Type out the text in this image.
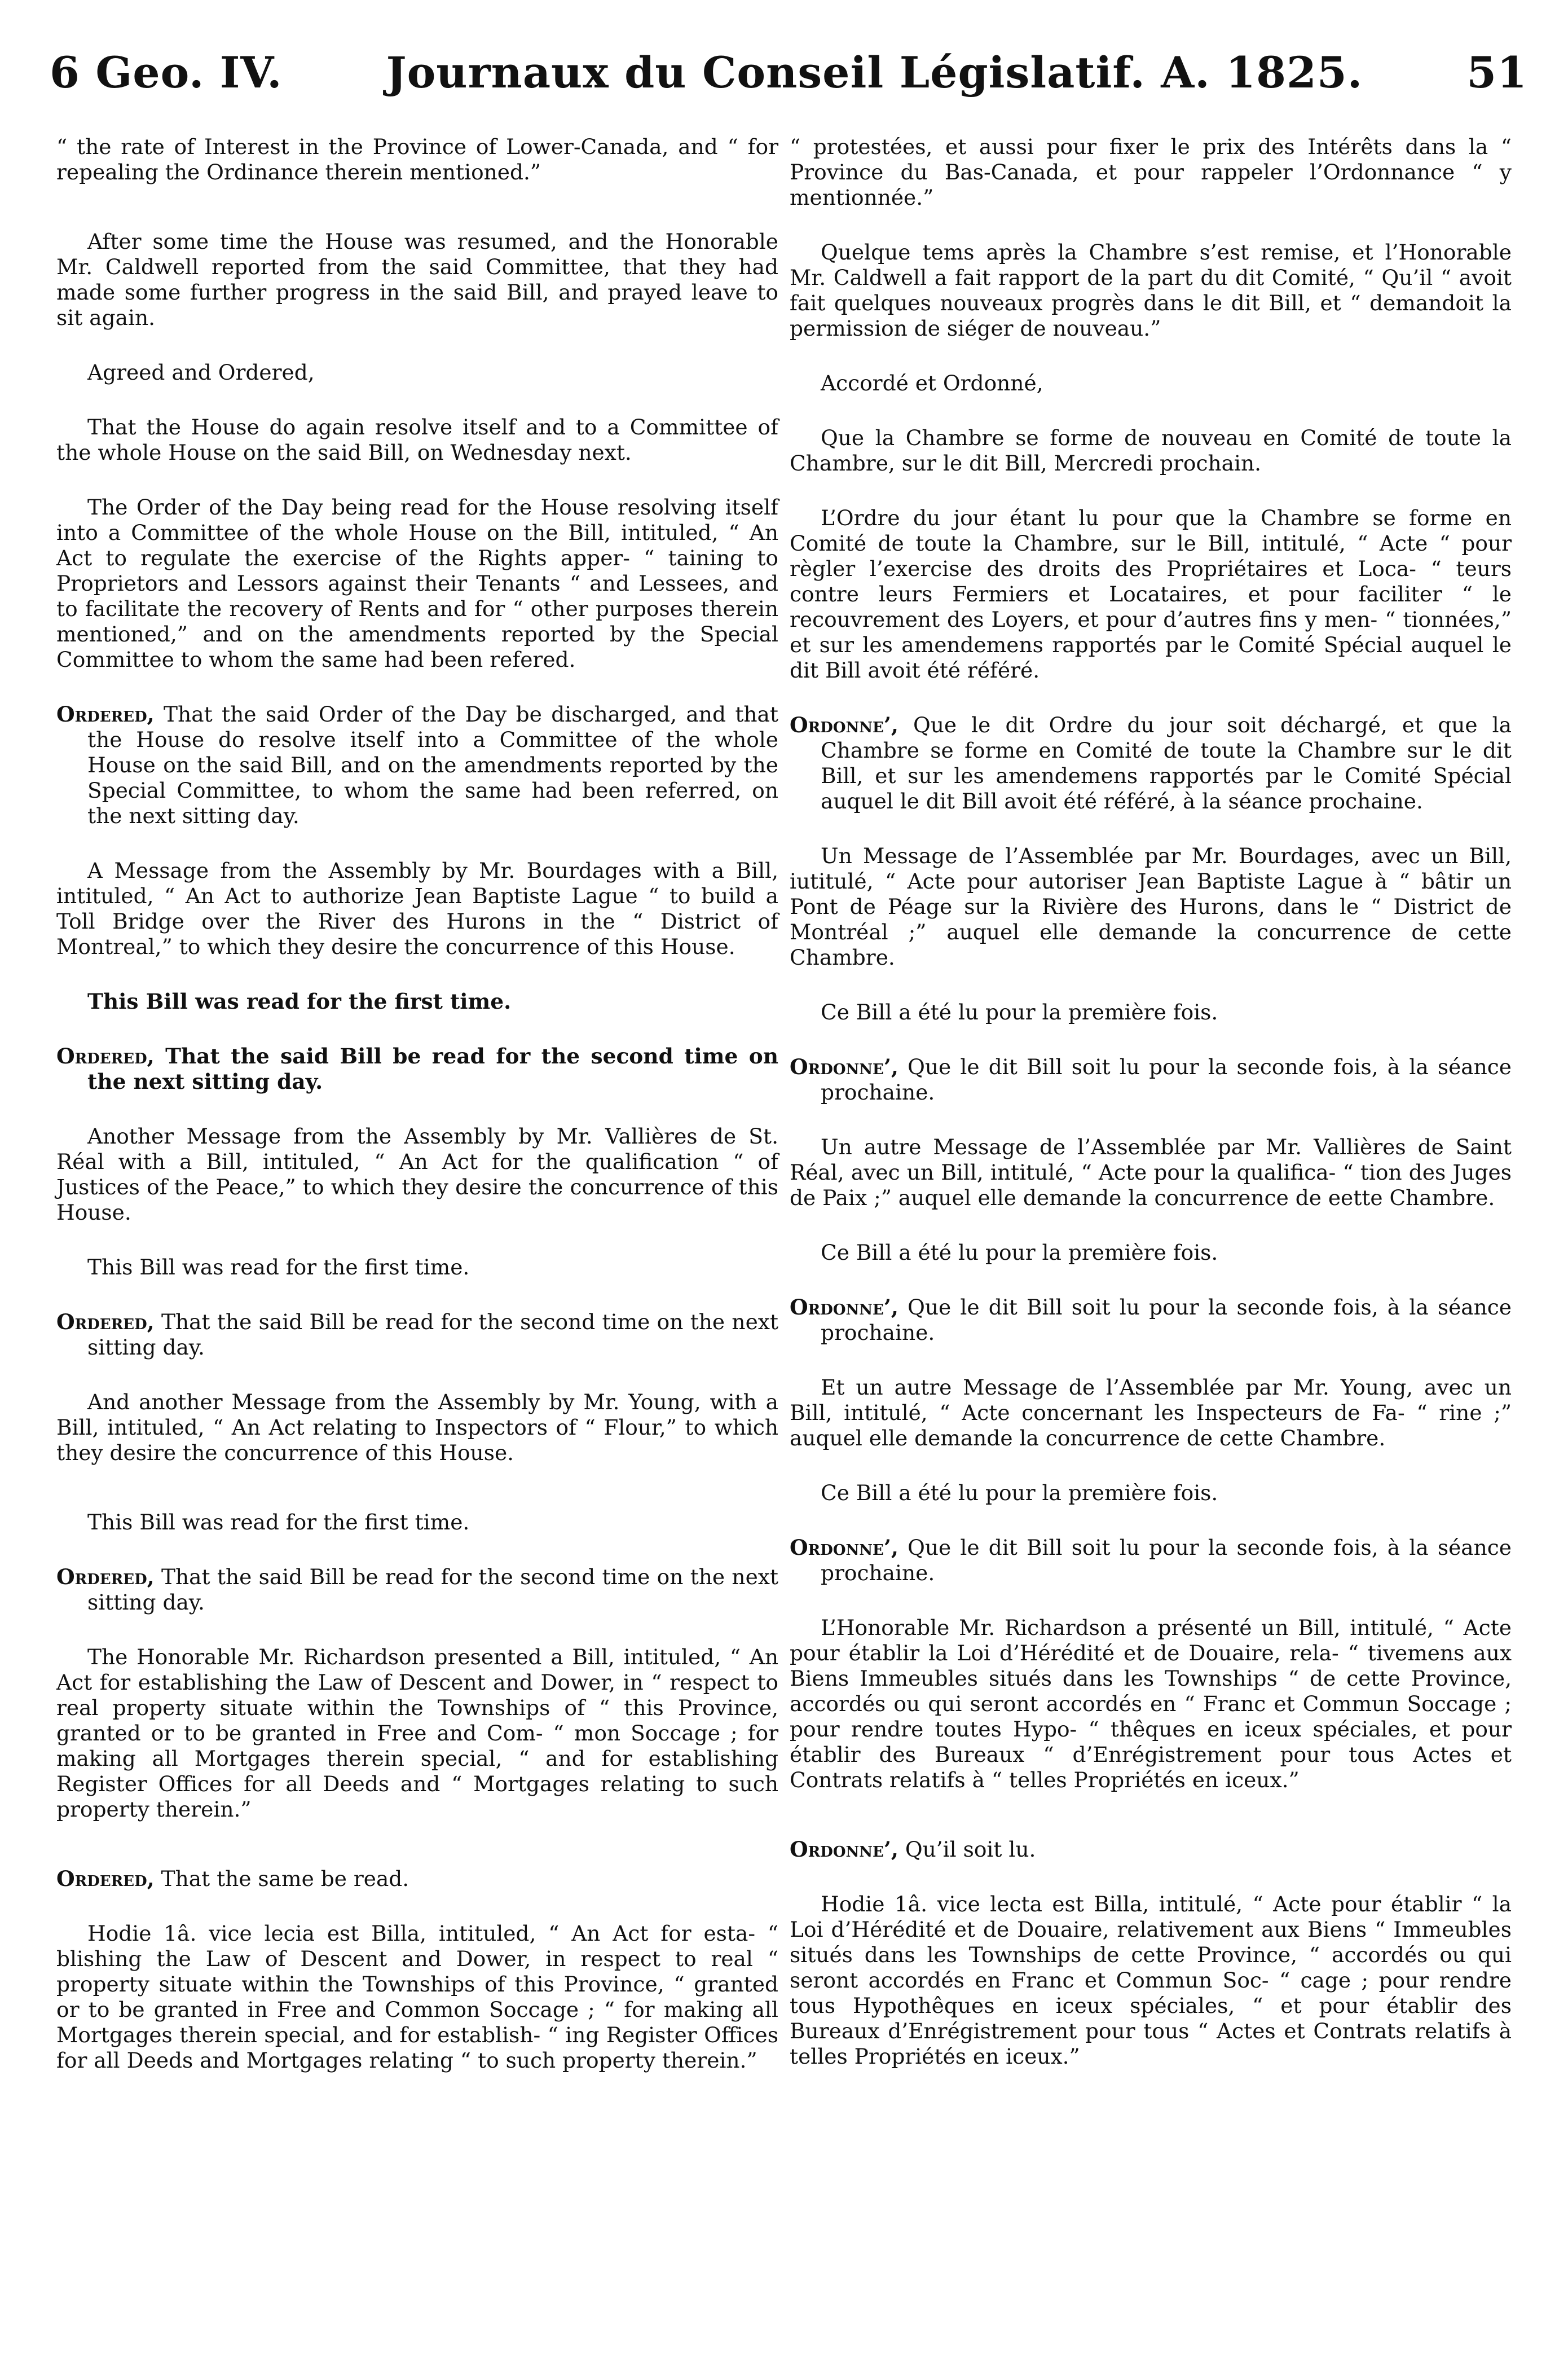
6 Geo. IV.	Journaux du Conseil Législatif. A. 1825.	51

“ the rate of Interest in the Province of Lower-Canada, and “ for repealing the Ordinance therein mentioned.”

After some time the House was resumed, and the Honorable Mr. Caldwell reported from the said Committee, that they had made some further progress in the said Bill, and prayed leave to sit again.

Agreed and Ordered,

That the House do again resolve itself and to a Committee of the whole House on the said Bill, on Wednesday next.

The Order of the Day being read for the House resolving itself into a Committee of the whole House on the Bill, intituled, “ An Act to regulate the exercise of the Rights apper- “ taining to Proprietors and Lessors against their Tenants “ and Lessees, and to facilitate the recovery of Rents and for “ other purposes therein mentioned,” and on the amendments reported by the Special Committee to whom the same had been refered.

Ordered, That the said Order of the Day be discharged, and that the House do resolve itself into a Committee of the whole House on the said Bill, and on the amendments reported by the Special Committee, to whom the same had been referred, on the next sitting day.

A Message from the Assembly by Mr. Bourdages with a Bill, intituled, “ An Act to authorize Jean Baptiste Lague “ to build a Toll Bridge over the River des Hurons in the “ District of Montreal,” to which they desire the concurrence of this House.

This Bill was read for the first time.

Ordered, That the said Bill be read for the second time on the next sitting day.

Another Message from the Assembly by Mr. Vallières de St. Réal with a Bill, intituled, “ An Act for the qualification “ of Justices of the Peace,” to which they desire the concurrence of this House.

This Bill was read for the first time.

Ordered, That the said Bill be read for the second time on the next sitting day.

And another Message from the Assembly by Mr. Young, with a Bill, intituled, “ An Act relating to Inspectors of “ Flour,” to which they desire the concurrence of this House.

This Bill was read for the first time.

Ordered, That the said Bill be read for the second time on the next sitting day.

The Honorable Mr. Richardson presented a Bill, intituled, “ An Act for establishing the Law of Descent and Dower, in “ respect to real property situate within the Townships of “ this Province, granted or to be granted in Free and Com- “ mon Soccage ; for making all Mortgages therein special, “ and for establishing Register Offices for all Deeds and “ Mortgages relating to such property therein.”

Ordered, That the same be read.

Hodie 1â. vice lecia est Billa, intituled, “ An Act for esta- “ blishing the Law of Descent and Dower, in respect to real “ property situate within the Townships of this Province, “ granted or to be granted in Free and Common Soccage ; “ for making all Mortgages therein special, and for establish- “ ing Register Offices for all Deeds and Mortgages relating “ to such property therein.”

“ protestées, et aussi pour fixer le prix des Intérêts dans la “ Province du Bas-Canada, et pour rappeler l’Ordonnance “ y mentionnée.”

Quelque tems après la Chambre s’est remise, et l’Honorable Mr. Caldwell a fait rapport de la part du dit Comité, “ Qu’il “ avoit fait quelques nouveaux progrès dans le dit Bill, et “ demandoit la permission de siéger de nouveau.”

Accordé et Ordonné,

Que la Chambre se forme de nouveau en Comité de toute la Chambre, sur le dit Bill, Mercredi prochain.

L’Ordre du jour étant lu pour que la Chambre se forme en Comité de toute la Chambre, sur le Bill, intitulé, “ Acte “ pour règler l’exercise des droits des Propriétaires et Loca- “ teurs contre leurs Fermiers et Locataires, et pour faciliter “ le recouvrement des Loyers, et pour d’autres fins y men- “ tionnées,” et sur les amendemens rapportés par le Comité Spécial auquel le dit Bill avoit été référé.

Ordonne’, Que le dit Ordre du jour soit déchargé, et que la Chambre se forme en Comité de toute la Chambre sur le dit Bill, et sur les amendemens rapportés par le Comité Spécial auquel le dit Bill avoit été référé, à la séance prochaine.

Un Message de l’Assemblée par Mr. Bourdages, avec un Bill, iutitulé, “ Acte pour autoriser Jean Baptiste Lague à “ bâtir un Pont de Péage sur la Rivière des Hurons, dans le “ District de Montréal ;” auquel elle demande la concurrence de cette Chambre.

Ce Bill a été lu pour la première fois.

Ordonne’, Que le dit Bill soit lu pour la seconde fois, à la séance prochaine.

Un autre Message de l’Assemblée par Mr. Vallières de Saint Réal, avec un Bill, intitulé, “ Acte pour la qualifica- “ tion des Juges de Paix ;” auquel elle demande la concurrence de eette Chambre.

Ce Bill a été lu pour la première fois.

Ordonne’, Que le dit Bill soit lu pour la seconde fois, à la séance prochaine.

Et un autre Message de l’Assemblée par Mr. Young, avec un Bill, intitulé, “ Acte concernant les Inspecteurs de Fa- “ rine ;” auquel elle demande la concurrence de cette Chambre.

Ce Bill a été lu pour la première fois.

Ordonne’, Que le dit Bill soit lu pour la seconde fois, à la séance prochaine.

L’Honorable Mr. Richardson a présenté un Bill, intitulé, “ Acte pour établir la Loi d’Hérédité et de Douaire, rela- “ tivemens aux Biens Immeubles situés dans les Townships “ de cette Province, accordés ou qui seront accordés en “ Franc et Commun Soccage ; pour rendre toutes Hypo- “ thêques en iceux spéciales, et pour établir des Bureaux “ d’Enrégistrement pour tous Actes et Contrats relatifs à “ telles Propriétés en iceux.”

Ordonne’, Qu’il soit lu.

Hodie 1â. vice lecta est Billa, intitulé, “ Acte pour établir “ la Loi d’Hérédité et de Douaire, relativement aux Biens “ Immeubles situés dans les Townships de cette Province, “ accordés ou qui seront accordés en Franc et Commun Soc- “ cage ; pour rendre tous Hypothêques en iceux spéciales, “ et pour établir des Bureaux d’Enrégistrement pour tous “ Actes et Contrats relatifs à telles Propriétés en iceux.”
